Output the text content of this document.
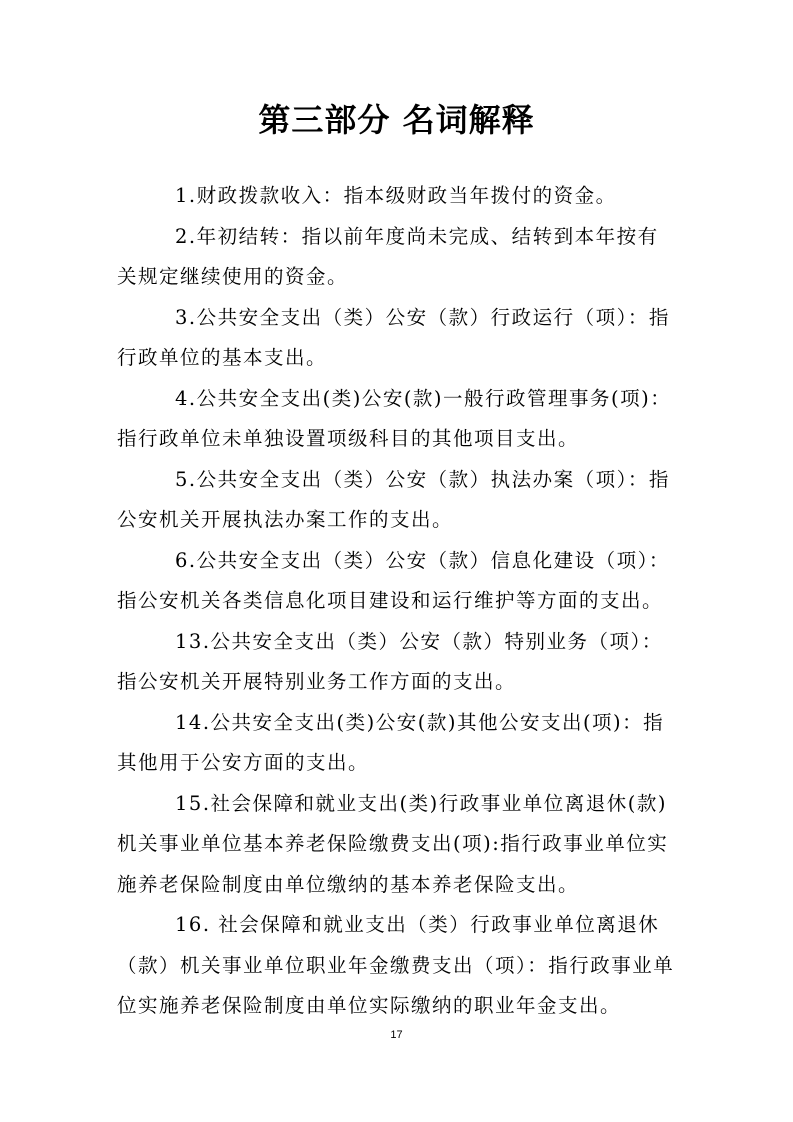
第三部分 名词解释

1.财政拨款收入：指本级财政当年拨付的资金。

2.年初结转：指以前年度尚未完成、结转到本年按有关规定继续使用的资金。

3.公共安全支出（类）公安（款）行政运行（项）：指行政单位的基本支出。

4.公共安全支出(类)公安(款)一般行政管理事务(项)：指行政单位未单独设置项级科目的其他项目支出。

5.公共安全支出（类）公安（款）执法办案（项）：指公安机关开展执法办案工作的支出。

6.公共安全支出（类）公安（款）信息化建设（项）：指公安机关各类信息化项目建设和运行维护等方面的支出。

13.公共安全支出（类）公安（款）特别业务（项）：指公安机关开展特别业务工作方面的支出。

14.公共安全支出(类)公安(款)其他公安支出(项)：指其他用于公安方面的支出。

15.社会保障和就业支出(类)行政事业单位离退休(款)机关事业单位基本养老保险缴费支出(项):指行政事业单位实施养老保险制度由单位缴纳的基本养老保险支出。

16. 社会保障和就业支出（类）行政事业单位离退休（款）机关事业单位职业年金缴费支出（项）：指行政事业单位实施养老保险制度由单位实际缴纳的职业年金支出。

17
